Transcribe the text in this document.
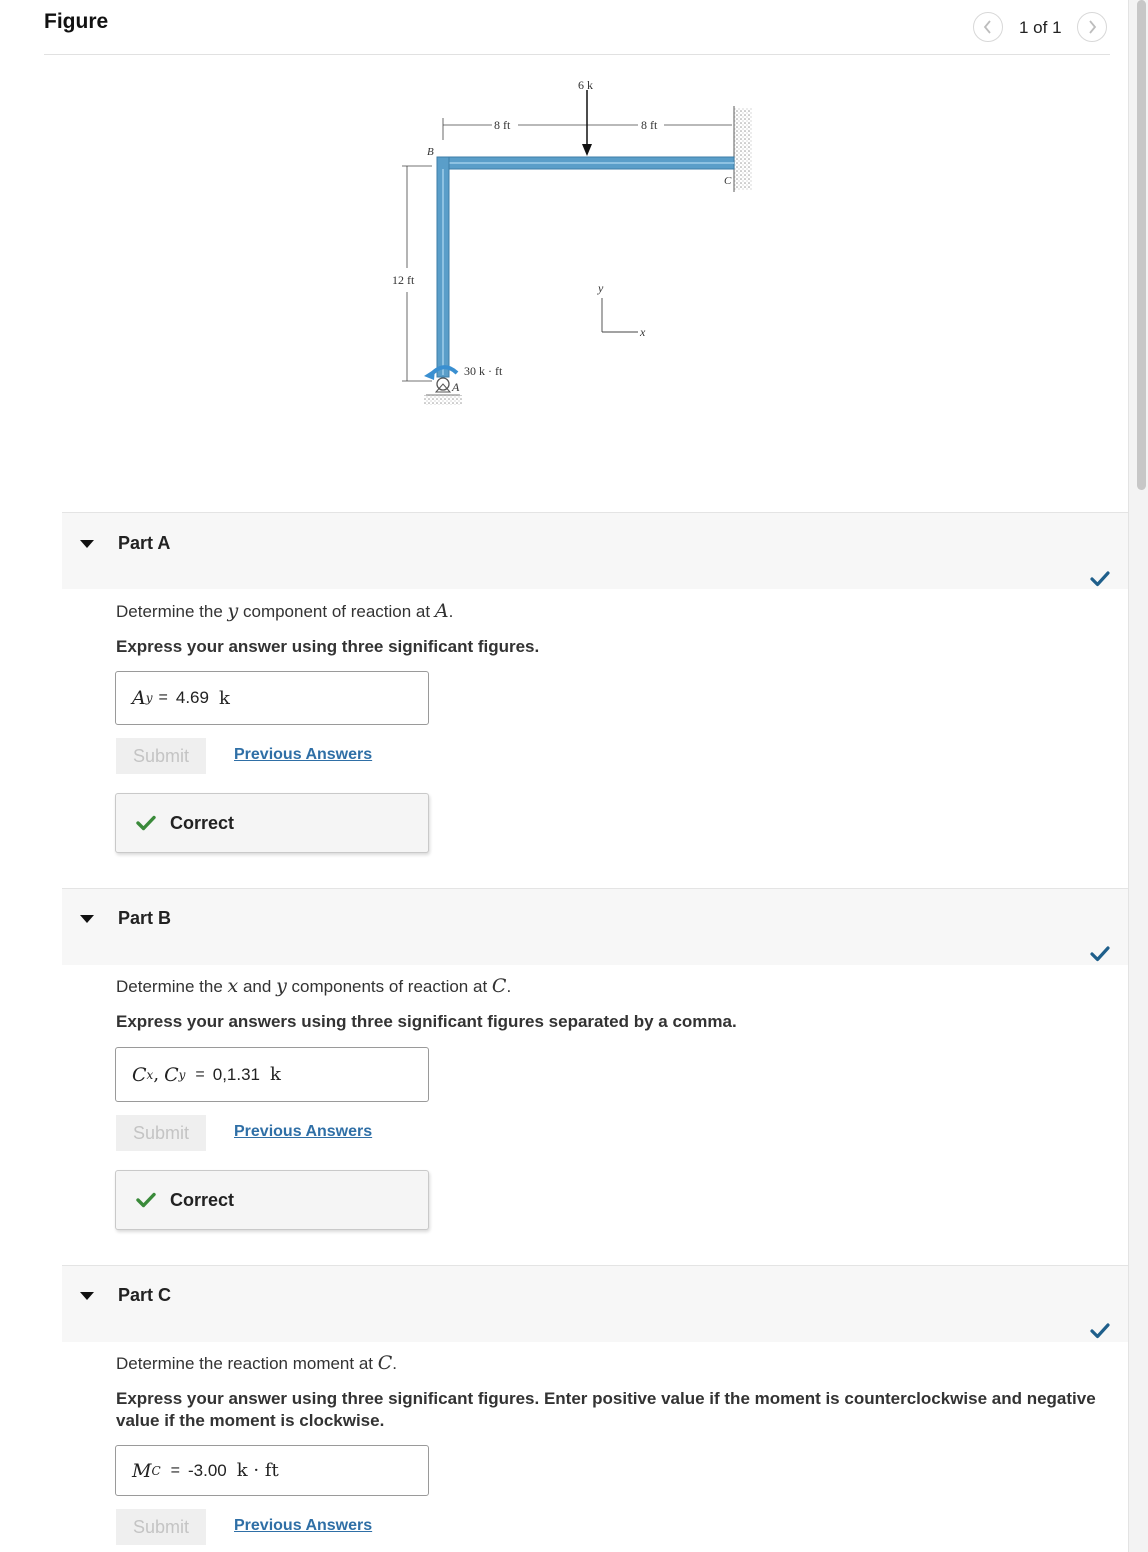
Figure	1 of 1
6 k
8 ft	8 ft
12 ft
30 k · ft
A
B
C
x
y
Part A
Determine the y component of reaction at A.
Express your answer using three significant figures.
A y = 4.69 k
Submit	Previous Answers
Correct
Part B
Determine the x and y components of reaction at C.
Express your answers using three significant figures separated by a comma.
C x , C y = 0,1.31 k
Submit	Previous Answers
Correct
Part C
Determine the reaction moment at C.
Express your answer using three significant figures. Enter positive value if the moment is counterclockwise and negative value if the moment is clockwise.
M C = -3.00 k · ft
Submit	Previous Answers
